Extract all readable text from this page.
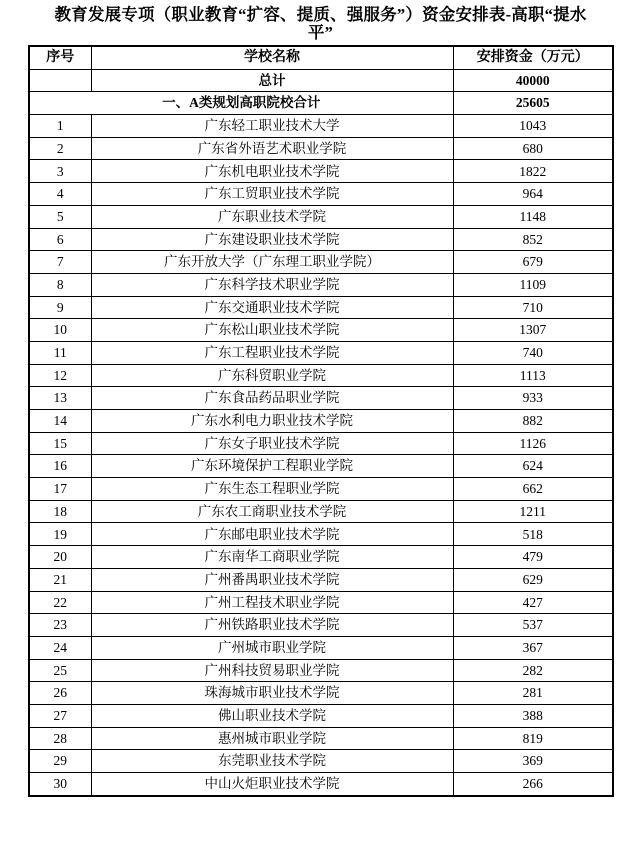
教育发展专项（职业教育“扩容、提质、强服务”）资金安排表-高职“提水
平”
序号	学校名称	安排资金（万元）
	总计	40000
一、A类规划高职院校合计		25605
1	广东轻工职业技术大学	1043
2	广东省外语艺术职业学院	680
3	广东机电职业技术学院	1822
4	广东工贸职业技术学院	964
5	广东职业技术学院	1148
6	广东建设职业技术学院	852
7	广东开放大学（广东理工职业学院）	679
8	广东科学技术职业学院	1109
9	广东交通职业技术学院	710
10	广东松山职业技术学院	1307
11	广东工程职业技术学院	740
12	广东科贸职业学院	1113
13	广东食品药品职业学院	933
14	广东水利电力职业技术学院	882
15	广东女子职业技术学院	1126
16	广东环境保护工程职业学院	624
17	广东生态工程职业学院	662
18	广东农工商职业技术学院	1211
19	广东邮电职业技术学院	518
20	广东南华工商职业学院	479
21	广州番禺职业技术学院	629
22	广州工程技术职业学院	427
23	广州铁路职业技术学院	537
24	广州城市职业学院	367
25	广州科技贸易职业学院	282
26	珠海城市职业技术学院	281
27	佛山职业技术学院	388
28	惠州城市职业学院	819
29	东莞职业技术学院	369
30	中山火炬职业技术学院	266
